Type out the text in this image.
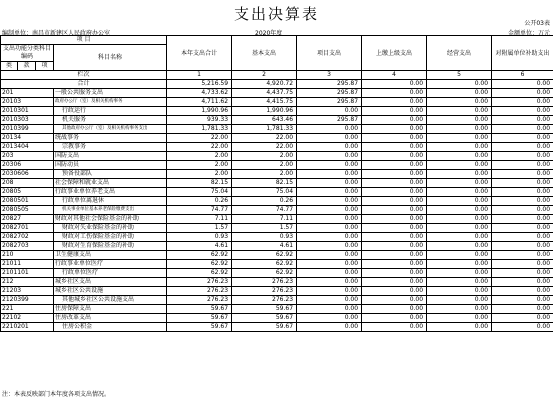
支出决算表
公开03表
编制单位：南昌市新建区人民政府办公室	2020年度	金额单位：万元
项 目				本年支出合计	基本支出	项目支出	上缴上级支出	经营支出	对附属单位补助支出
支出功能分类科目编码			科目名称						
类	款	项							
栏次				1	2	3	4	5	6
合计				5,216.59	4,920.72	295.87	0.00	0.00	0.00
201			一般公共服务支出	4,733.62	4,437.75	295.87	0.00	0.00	0.00
20103			政府办公厅（室）及相关机构事务	4,711.62	4,415.75	295.87	0.00	0.00	0.00
2010301			行政运行	1,990.96	1,990.96	0.00	0.00	0.00	0.00
2010303			机关服务	939.33	643.46	295.87	0.00	0.00	0.00
2010399			其他政府办公厅（室）及相关机构事务支出	1,781.33	1,781.33	0.00	0.00	0.00	0.00
20134			统战事务	22.00	22.00	0.00	0.00	0.00	0.00
2013404			宗教事务	22.00	22.00	0.00	0.00	0.00	0.00
203			国防支出	2.00	2.00	0.00	0.00	0.00	0.00
20306			国防动员	2.00	2.00	0.00	0.00	0.00	0.00
2030606			预备役部队	2.00	2.00	0.00	0.00	0.00	0.00
208			社会保障和就业支出	82.15	82.15	0.00	0.00	0.00	0.00
20805			行政事业单位养老支出	75.04	75.04	0.00	0.00	0.00	0.00
2080501			行政单位离退休	0.26	0.26	0.00	0.00	0.00	0.00
2080505			机关事业单位基本养老保险缴费支出	74.77	74.77	0.00	0.00	0.00	0.00
20827			财政对其他社会保险基金的补助	7.11	7.11	0.00	0.00	0.00	0.00
2082701			财政对失业保险基金的补助	1.57	1.57	0.00	0.00	0.00	0.00
2082702			财政对工伤保险基金的补助	0.93	0.93	0.00	0.00	0.00	0.00
2082703			财政对生育保险基金的补助	4.61	4.61	0.00	0.00	0.00	0.00
210			卫生健康支出	62.92	62.92	0.00	0.00	0.00	0.00
21011			行政事业单位医疗	62.92	62.92	0.00	0.00	0.00	0.00
2101101			行政单位医疗	62.92	62.92	0.00	0.00	0.00	0.00
212			城乡社区支出	276.23	276.23	0.00	0.00	0.00	0.00
21203			城乡社区公共设施	276.23	276.23	0.00	0.00	0.00	0.00
2120399			其他城乡社区公共设施支出	276.23	276.23	0.00	0.00	0.00	0.00
221			住房保障支出	59.67	59.67	0.00	0.00	0.00	0.00
22102			住房改革支出	59.67	59.67	0.00	0.00	0.00	0.00
2210201			住房公积金	59.67	59.67	0.00	0.00	0.00	0.00
注：本表反映部门本年度各项支出情况。
